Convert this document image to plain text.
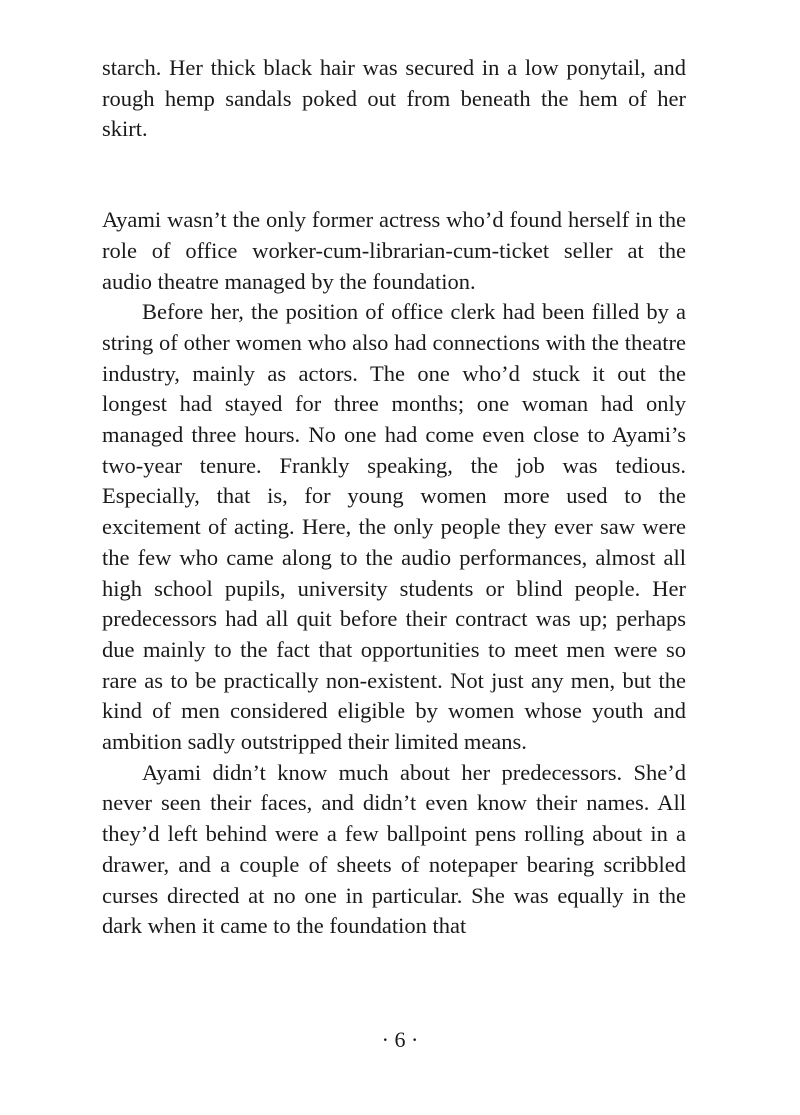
starch. Her thick black hair was secured in a low ponytail, and rough hemp sandals poked out from beneath the hem of her skirt.

Ayami wasn’t the only former actress who’d found herself in the role of office worker-cum-librarian-cum-ticket seller at the audio theatre managed by the foundation.

Before her, the position of office clerk had been filled by a string of other women who also had connections with the theatre industry, mainly as actors. The one who’d stuck it out the longest had stayed for three months; one woman had only managed three hours. No one had come even close to Ayami’s two-year tenure. Frankly speaking, the job was tedious. Especially, that is, for young women more used to the excitement of acting. Here, the only people they ever saw were the few who came along to the audio performances, almost all high school pupils, university students or blind people. Her predecessors had all quit before their contract was up; perhaps due mainly to the fact that opportunities to meet men were so rare as to be practically non-existent. Not just any men, but the kind of men considered eligible by women whose youth and ambition sadly outstripped their limited means.

Ayami didn’t know much about her predecessors. She’d never seen their faces, and didn’t even know their names. All they’d left behind were a few ballpoint pens rolling about in a drawer, and a couple of sheets of notepaper bearing scribbled curses directed at no one in particular. She was equally in the dark when it came to the foundation that

· 6 ·
